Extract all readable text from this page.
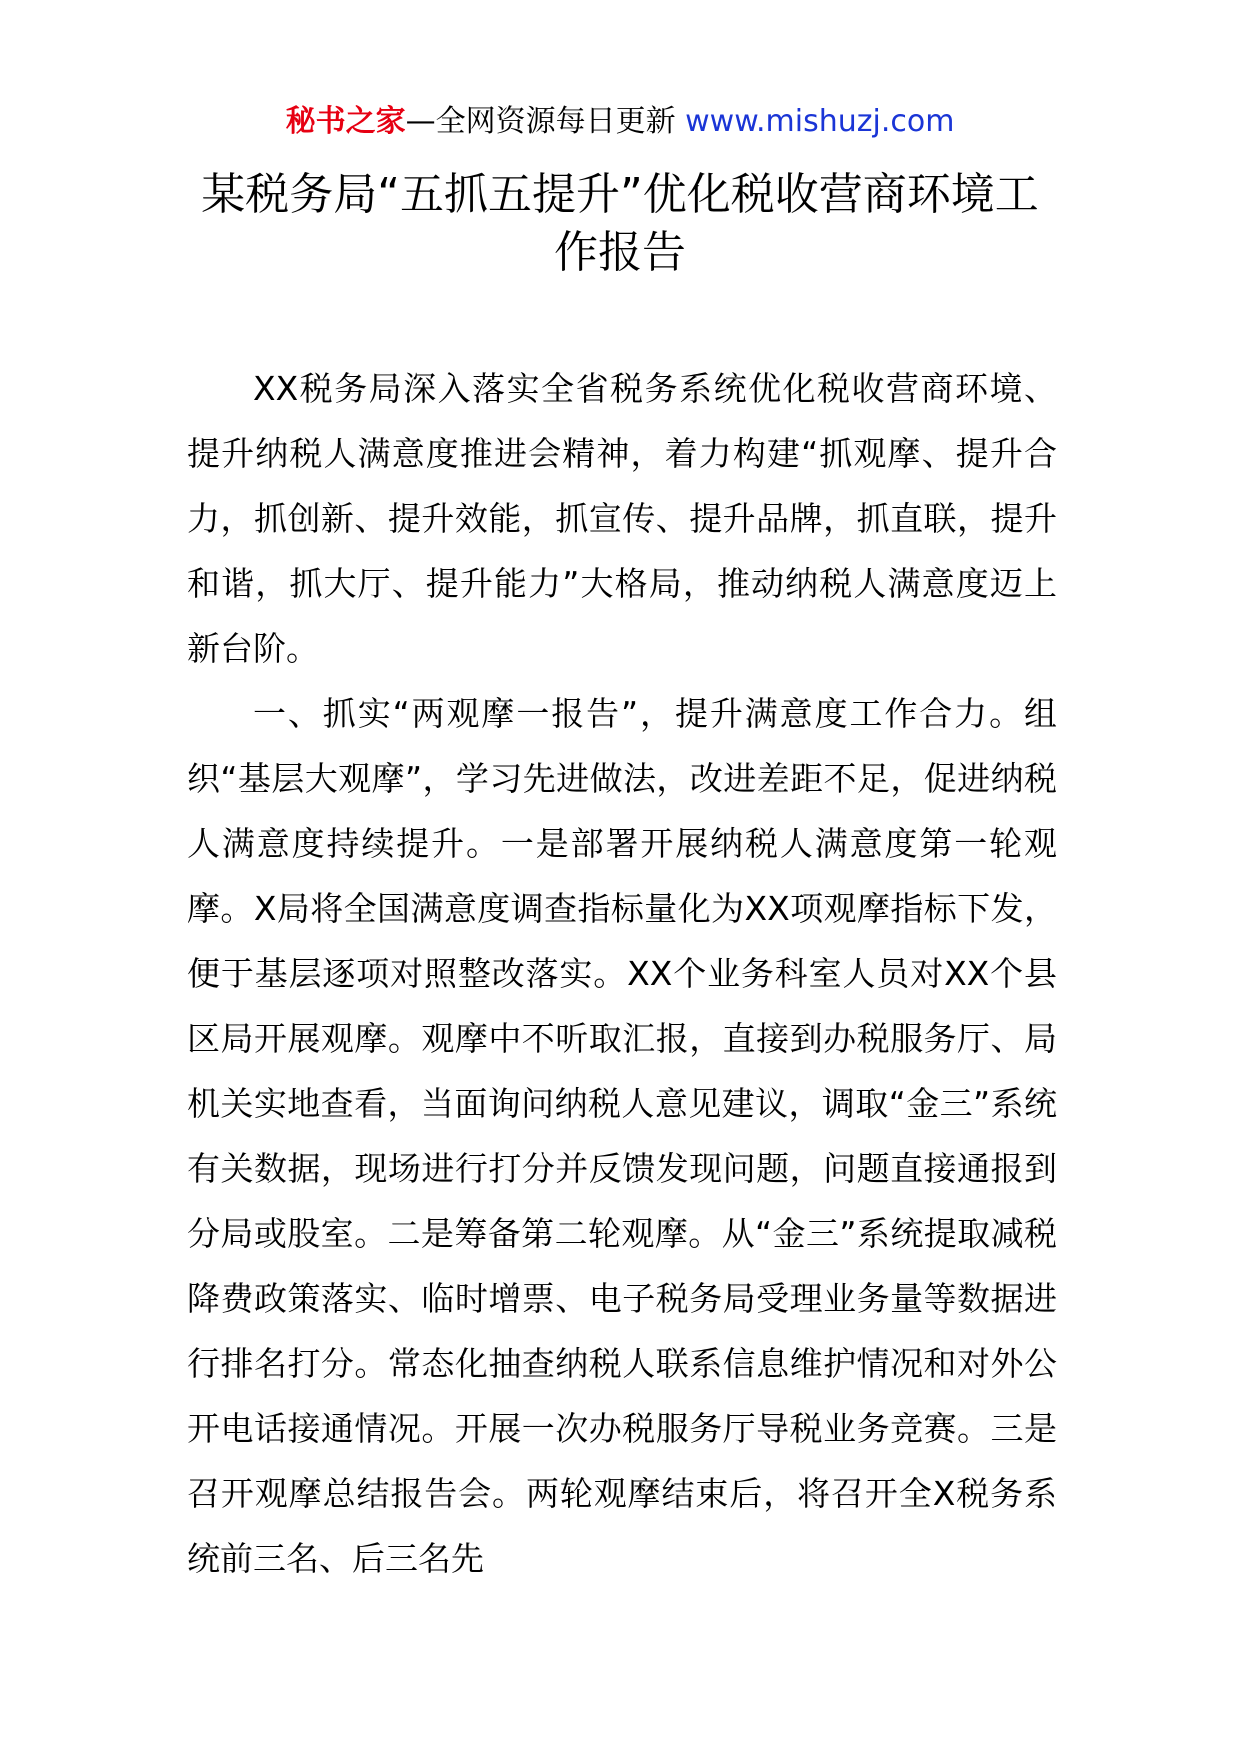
秘书之家—全网资源每日更新 www.mishuzj.com
某税务局“五抓五提升”优化税收营商环境工作报告

XX税务局深入落实全省税务系统优化税收营商环境、提升纳税人满意度推进会精神，着力构建“抓观摩、提升合力，抓创新、提升效能，抓宣传、提升品牌，抓直联，提升和谐，抓大厅、提升能力”大格局，推动纳税人满意度迈上新台阶。

一、抓实“两观摩一报告”，提升满意度工作合力。组织“基层大观摩”，学习先进做法，改进差距不足，促进纳税人满意度持续提升。一是部署开展纳税人满意度第一轮观摩。X局将全国满意度调查指标量化为XX项观摩指标下发，便于基层逐项对照整改落实。XX个业务科室人员对XX个县区局开展观摩。观摩中不听取汇报，直接到办税服务厅、局机关实地查看，当面询问纳税人意见建议，调取“金三”系统有关数据，现场进行打分并反馈发现问题，问题直接通报到分局或股室。二是筹备第二轮观摩。从“金三”系统提取减税降费政策落实、临时增票、电子税务局受理业务量等数据进行排名打分。常态化抽查纳税人联系信息维护情况和对外公开电话接通情况。开展一次办税服务厅导税业务竞赛。三是召开观摩总结报告会。两轮观摩结束后，将召开全X税务系统前三名、后三名先
